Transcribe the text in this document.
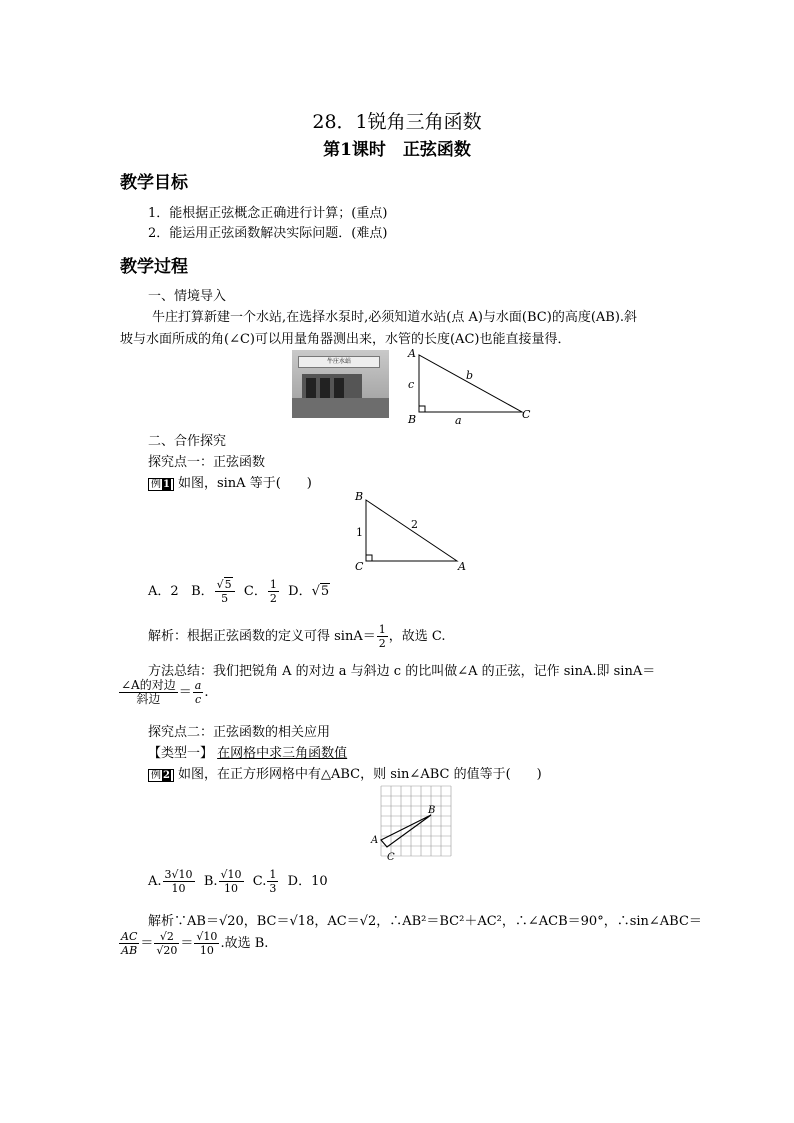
28．1锐角三角函数
第1课时　正弦函数
教学目标
1．能根据正弦概念正确进行计算；(重点)
2．能运用正弦函数解决实际问题．(难点)
教学过程
一、情境导入
牛庄打算新建一个水站,在选择水泵时,必须知道水站(点 A)与水面(BC)的高度(AB).斜
坡与水面所成的角(∠C)可以用量角器测出来，水管的长度(AC)也能直接量得．
牛庄水站
A
B	C
a
b
c
二、合作探究
探究点一：正弦函数
例 1 如图，sinA 等于(　　)
B
C	A
1
2
A．2 B． $\frac{√5}{5}$ C． $\frac{1}{2}$ D．√5
解析：根据正弦函数的定义可得 $\sin A= \frac{1}{2}$ ，故选 C.
方法总结：我们把锐角 A 的对边 a 与斜边 c 的比叫做∠A 的正弦，记作 sinA.即 sinA＝
$\frac{\text{∠A的对边}}{\text{斜边}} = \frac{a}{c}$ .
探究点二：正弦函数的相关应用
【类型一】 在网格中求三角函数值
例 2 如图，在正方形网格中有△ABC，则 sin∠ABC 的值等于(　　)
A
B
C
A. $\frac{3√10}{10} B$. $\frac{√10}{10} C$. $\frac{1}{3}$ D．10
解析∵AB＝√20，BC＝√18，AC＝√2，∴AB²＝BC²＋AC²，∴∠ACB＝90°，∴sin∠ABC＝
$\frac{AC}{AB} = \frac{√2}{√20} = \frac{√10}{10}$ .故选 B.
